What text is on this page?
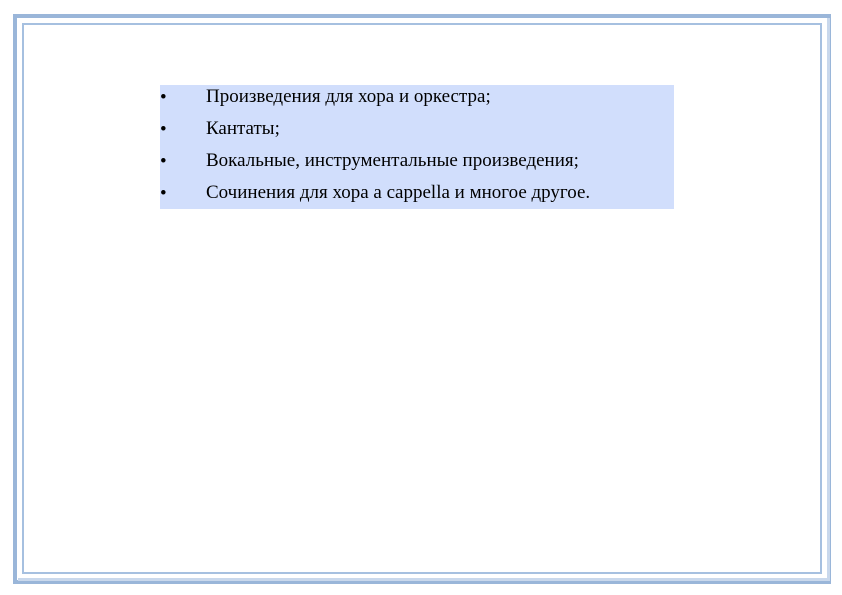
• Произведения для хора и оркестра;
• Кантаты;
• Вокальные, инструментальные произведения;
• Сочинения для хора a cappella и многое другое.
